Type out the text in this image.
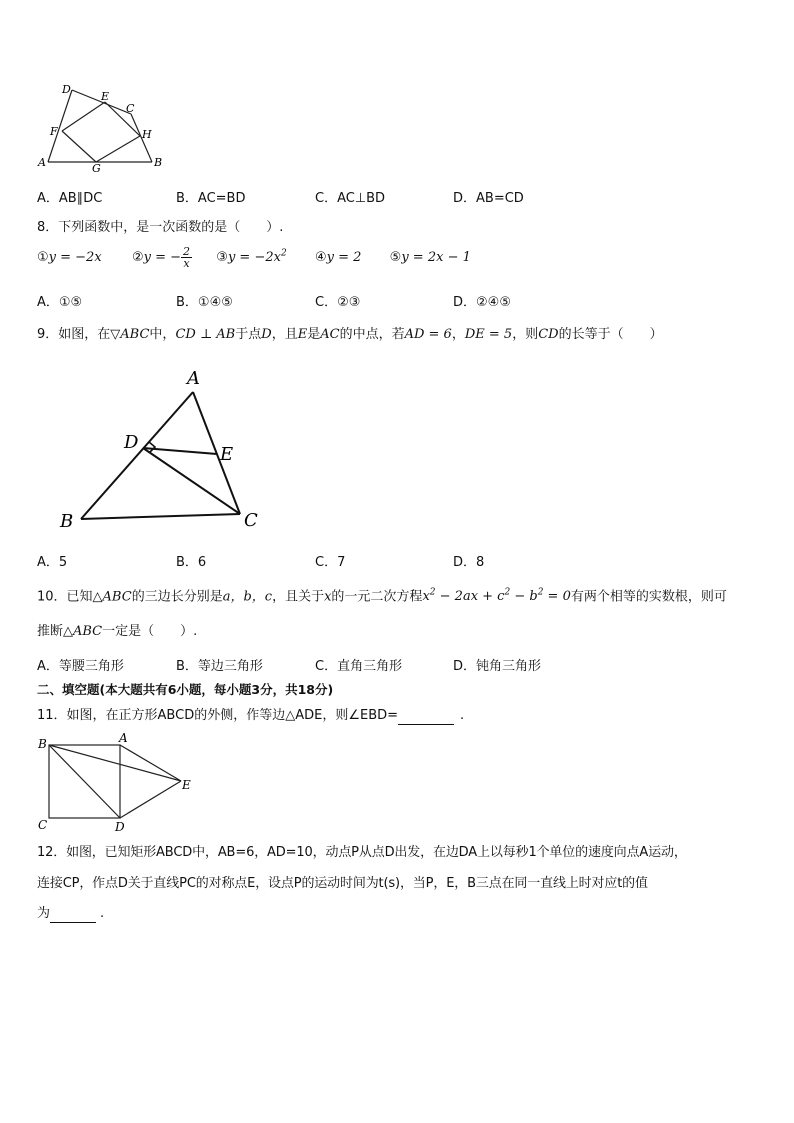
D
E
C
F	H
A	G	B
A．AB∥DC	B．AC=BD	C．AC⊥BD	D．AB=CD
8．下列函数中，是一次函数的是（　　）.
①y = −2x ②y = − $\frac{2}{x}$ ③y = $-2x^2$ ④y = 2 ⑤y = 2x − 1
A．①⑤	B．①④⑤	C．②③	D．②④⑤
9．如图，在▽ABC中，CD ⊥ AB于点D，且E是AC的中点，若AD = 6，DE = 5，则CD的长等于（　　）
A
D
E
B	C
A．5	B．6	C．7	D．8
10．已知△ABC的三边长分别是a，b，c，且关于x的一元二次方程$x^2 - 2ax + c^2 - b^2 = 0$有两个相等的实数根，则可
推断△ABC一定是（　　）.
A．等腰三角形	B．等边三角形	C．直角三角形	D．钝角三角形
二、填空题(本大题共有6小题，每小题3分，共18分)
11．如图，在正方形ABCD的外侧，作等边△ADE，则∠EBD=	.
B	A
E
C	D
12．如图，已知矩形ABCD中，AB=6，AD=10，动点P从点D出发，在边DA上以每秒1个单位的速度向点A运动，
连接CP，作点D关于直线PC的对称点E，设点P的运动时间为t(s)，当P，E，B三点在同一直线上时对应t的值
为	.
